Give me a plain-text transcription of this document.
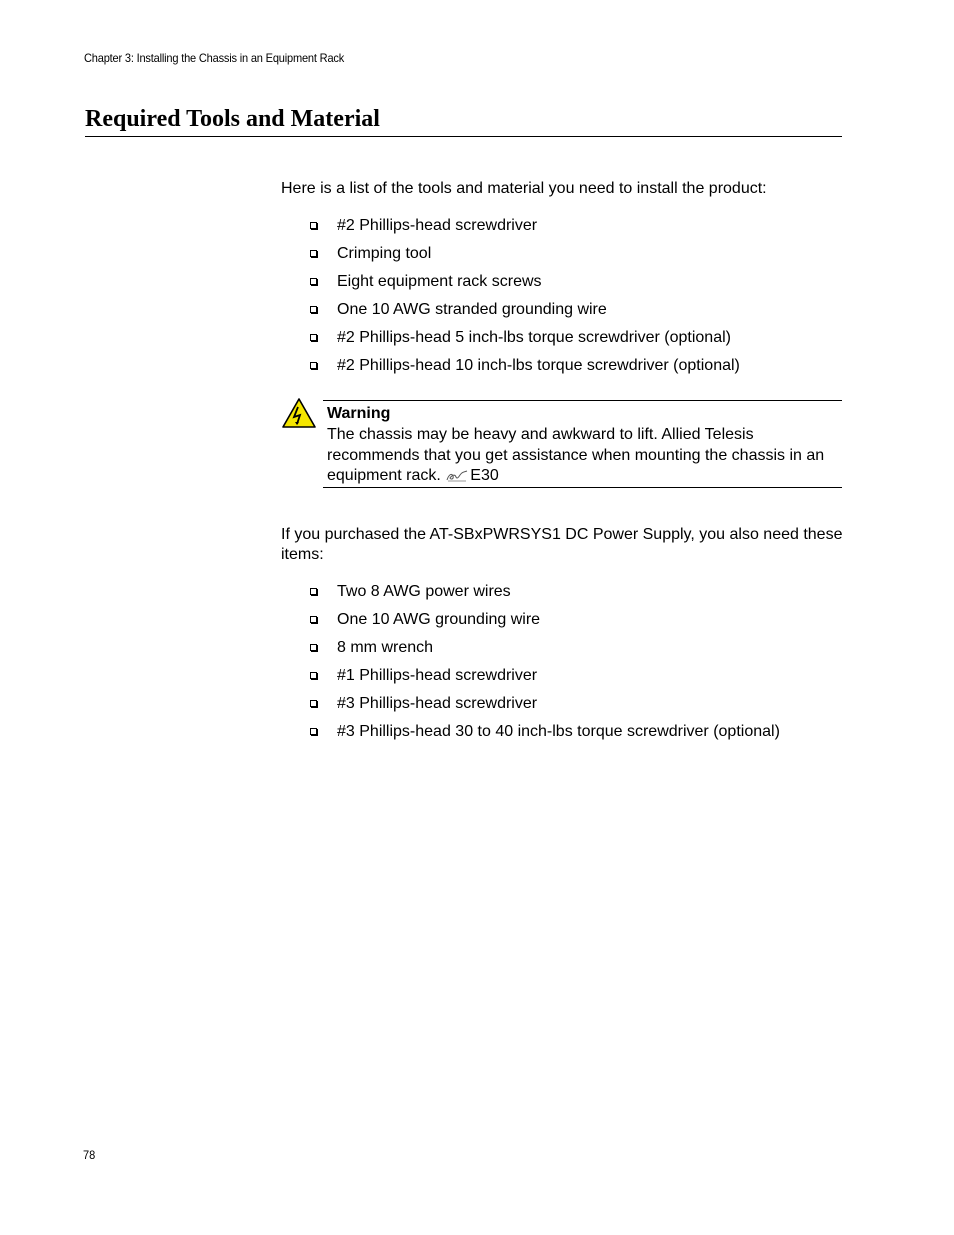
Chapter 3: Installing the Chassis in an Equipment Rack
Required Tools and Material

Here is a list of the tools and material you need to install the product:

#2 Phillips-head screwdriver
Crimping tool
Eight equipment rack screws
One 10 AWG stranded grounding wire
#2 Phillips-head 5 inch-lbs torque screwdriver (optional)
#2 Phillips-head 10 inch-lbs torque screwdriver (optional)
Warning

The chassis may be heavy and awkward to lift. Allied Telesis recommends that you get assistance when mounting the chassis in an equipment rack. E30

If you purchased the AT-SBxPWRSYS1 DC Power Supply, you also need these items:

Two 8 AWG power wires
One 10 AWG grounding wire
8 mm wrench
#1 Phillips-head screwdriver
#3 Phillips-head screwdriver
#3 Phillips-head 30 to 40 inch-lbs torque screwdriver (optional)
78
